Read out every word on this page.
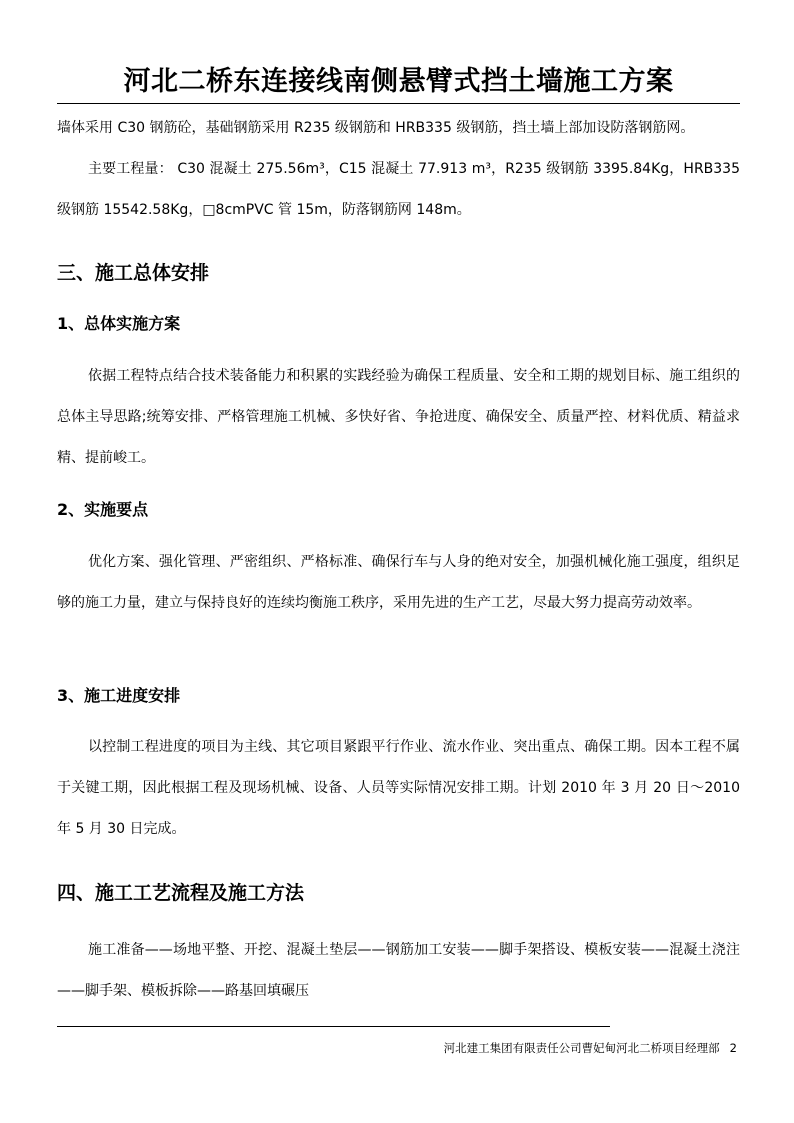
河北二桥东连接线南侧悬臂式挡土墙施工方案

墙体采用 C30 钢筋砼，基础钢筋采用 R235 级钢筋和 HRB335 级钢筋，挡土墙上部加设防落钢筋网。

主要工程量： C30 混凝土 275.56m³，C15 混凝土 77.913 m³，R235 级钢筋 3395.84Kg，HRB335 级钢筋 15542.58Kg，□8cmPVC 管 15m，防落钢筋网 148m。

三、施工总体安排
1、总体实施方案

依据工程特点结合技术装备能力和积累的实践经验为确保工程质量、安全和工期的规划目标、施工组织的总体主导思路;统筹安排、严格管理施工机械、多快好省、争抢进度、确保安全、质量严控、材料优质、精益求精、提前峻工。

2、实施要点

优化方案、强化管理、严密组织、严格标准、确保行车与人身的绝对安全，加强机械化施工强度，组织足够的施工力量，建立与保持良好的连续均衡施工秩序，采用先进的生产工艺，尽最大努力提高劳动效率。

3、施工进度安排

以控制工程进度的项目为主线、其它项目紧跟平行作业、流水作业、突出重点、确保工期。因本工程不属于关键工期，因此根据工程及现场机械、设备、人员等实际情况安排工期。计划 2010 年 3 月 20 日～2010 年 5 月 30 日完成。

四、施工工艺流程及施工方法

施工准备——场地平整、开挖、混凝土垫层——钢筋加工安装——脚手架搭设、模板安装——混凝土浇注——脚手架、模板拆除——路基回填碾压

河北建工集团有限责任公司曹妃甸河北二桥项目经理部 2
